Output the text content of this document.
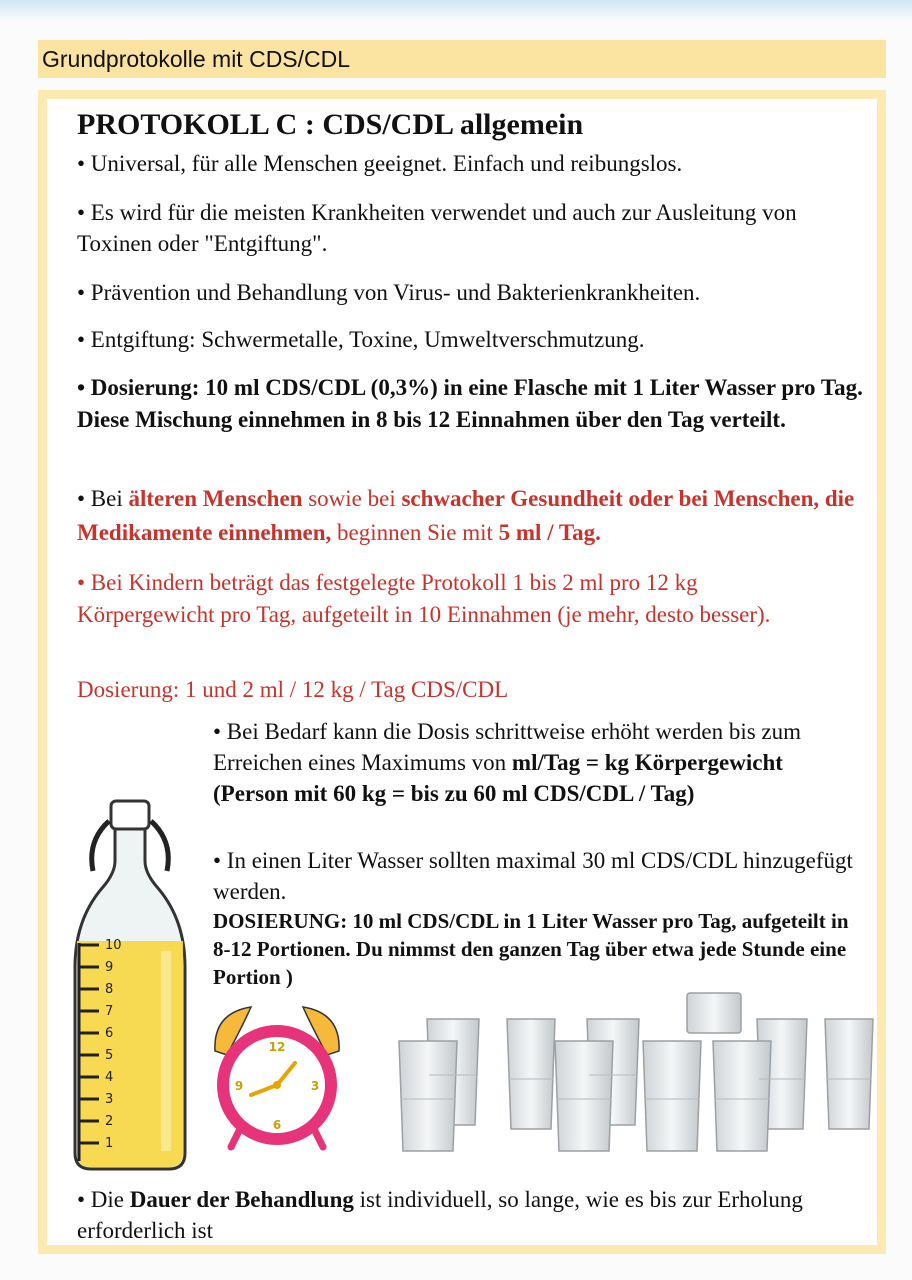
Grundprotokolle mit CDS/CDL
PROTOKOLL C : CDS/CDL allgemein

• Universal, für alle Menschen geeignet. Einfach und reibungslos.

• Es wird für die meisten Krankheiten verwendet und auch zur Ausleitung von Toxinen oder "Entgiftung".

• Prävention und Behandlung von Virus- und Bakterienkrankheiten.

• Entgiftung: Schwermetalle, Toxine, Umweltverschmutzung.

• Dosierung: 10 ml CDS/CDL (0,3%) in eine Flasche mit 1 Liter Wasser pro Tag. Diese Mischung einnehmen in 8 bis 12 Einnahmen über den Tag verteilt.

• Bei älteren Menschen sowie bei schwacher Gesundheit oder bei Menschen, die Medikamente einnehmen, beginnen Sie mit 5 ml / Tag.

• Bei Kindern beträgt das festgelegte Protokoll 1 bis 2 ml pro 12 kg Körpergewicht pro Tag, aufgeteilt in 10 Einnahmen (je mehr, desto besser).

Dosierung: 1 und 2 ml / 12 kg / Tag CDS/CDL

• Bei Bedarf kann die Dosis schrittweise erhöht werden bis zum Erreichen eines Maximums von ml/Tag = kg Körpergewicht (Person mit 60 kg = bis zu 60 ml CDS/CDL / Tag)

• In einen Liter Wasser sollten maximal 30 ml CDS/CDL hinzugefügt werden.

DOSIERUNG: 10 ml CDS/CDL in 1 Liter Wasser pro Tag, aufgeteilt in 8-12 Portionen. Du nimmst den ganzen Tag über etwa jede Stunde eine Portion )

• Die Dauer der Behandlung ist individuell, so lange, wie es bis zur Erholung erforderlich ist

10
9
8
7
6
5
4
3
2
1
12
3
6
9
